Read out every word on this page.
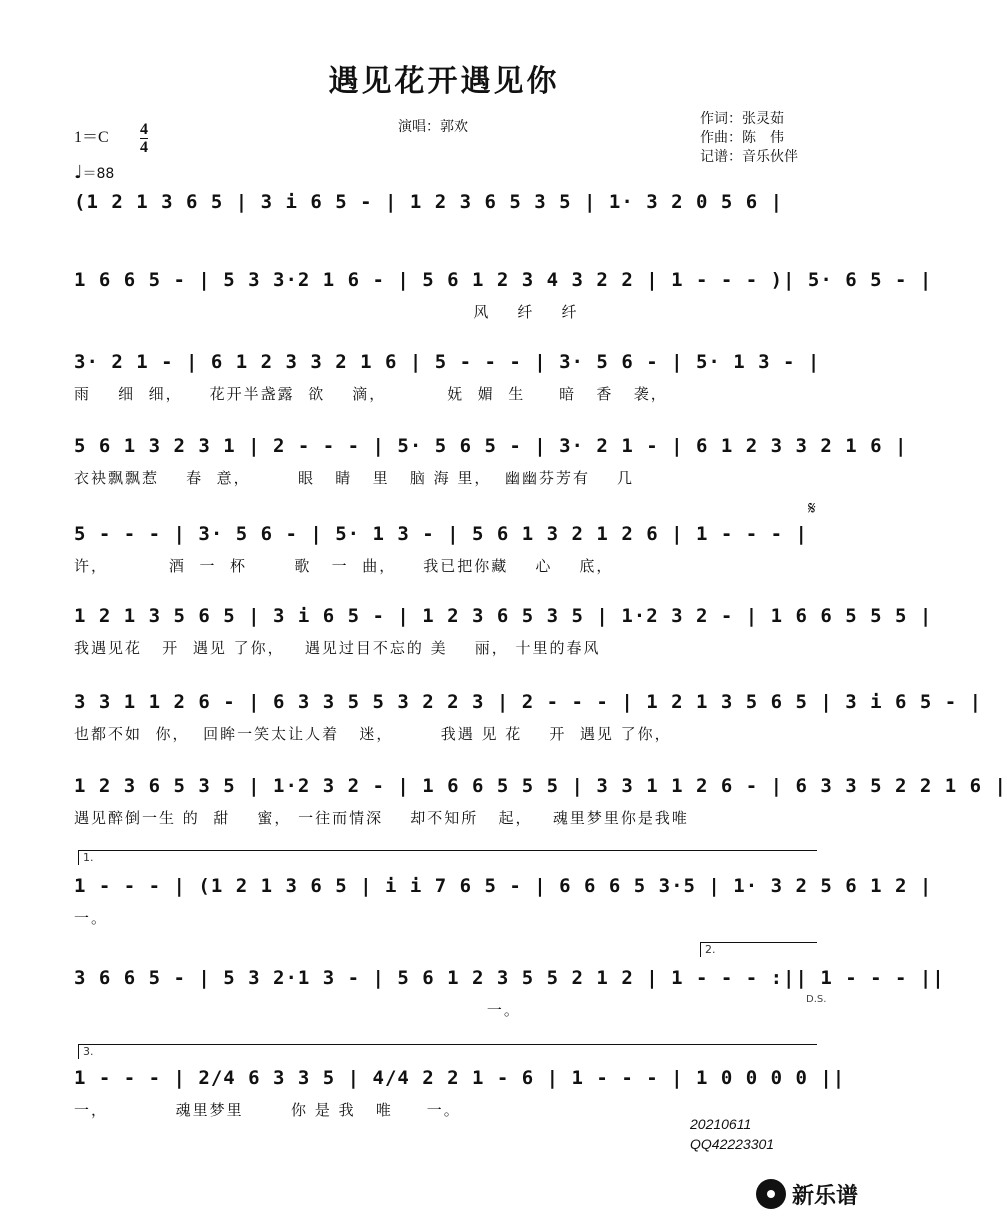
遇见花开遇见你
演唱：郭欢	作词：张灵茹
作曲：陈　伟
记谱：音乐伙伴
1＝C 4
4
♩＝88
(1 2 1 3 6 5 | 3 i 6 5 - | 1 2 3 6 5 3 5 | 1· 3 2 0 5 6 |
1 6 6 5 - | 5 3 3·2 1 6 - | 5 6 1 2 3 4 3 2 2 | 1 - - - )| 5· 6 5 - |
风    纤    纤
3· 2 1 - | 6 1 2 3 3 2 1 6 | 5 - - - | 3· 5 6 - | 5· 1 3 - |
雨    细  细，    花开半盏露  欲    滴，         妩  媚  生     暗   香   袭，
5 6 1 3 2 3 1 | 2 - - - | 5· 5 6 5 - | 3· 2 1 - | 6 1 2 3 3 2 1 6 |
衣袂飘飘惹    春  意，       眼   睛   里   脑 海 里，  幽幽芬芳有    几
𝄋
5 - - - | 3· 5 6 - | 5· 1 3 - | 5 6 1 3 2 1 2 6 | 1 - - - |
许，         酒  一  杯       歌   一  曲，    我已把你藏    心    底，
1 2 1 3 5 6 5 | 3 i 6 5 - | 1 2 3 6 5 3 5 | 1·2 3 2 - | 1 6 6 5 5 5 |
我遇见花   开  遇见 了你，   遇见过目不忘的 美    丽， 十里的春风
3 3 1 1 2 6 - | 6 3 3 5 5 3 2 2 3 | 2 - - - | 1 2 1 3 5 6 5 | 3 i 6 5 - |
也都不如  你，  回眸一笑太让人着   迷，       我遇 见 花    开  遇见 了你，
1 2 3 6 5 3 5 | 1·2 3 2 - | 1 6 6 5 5 5 | 3 3 1 1 2 6 - | 6 3 3 5 2 2 1 6 |
遇见醉倒一生 的  甜    蜜， 一往而情深    却不知所   起，   魂里梦里你是我唯
1.
1 - - - | (1 2 1 3 6 5 | i i 7 6 5 - | 6 6 6 5 3·5 | 1· 3 2 5 6 1 2 |
一。
2.
3 6 6 5 - | 5 3 2·1 3 - | 5 6 1 2 3 5 5 2 1 2 | 1 - - - :|| 1 - - - ||
一。
D.S.
3.
1 - - - | 2/4 6 3 3 5 | 4/4 2 2 1 - 6 | 1 - - - | 1 0 0 0 0 ||
一，          魂里梦里       你 是 我   唯     一。
20210611
QQ42223301
新乐谱
